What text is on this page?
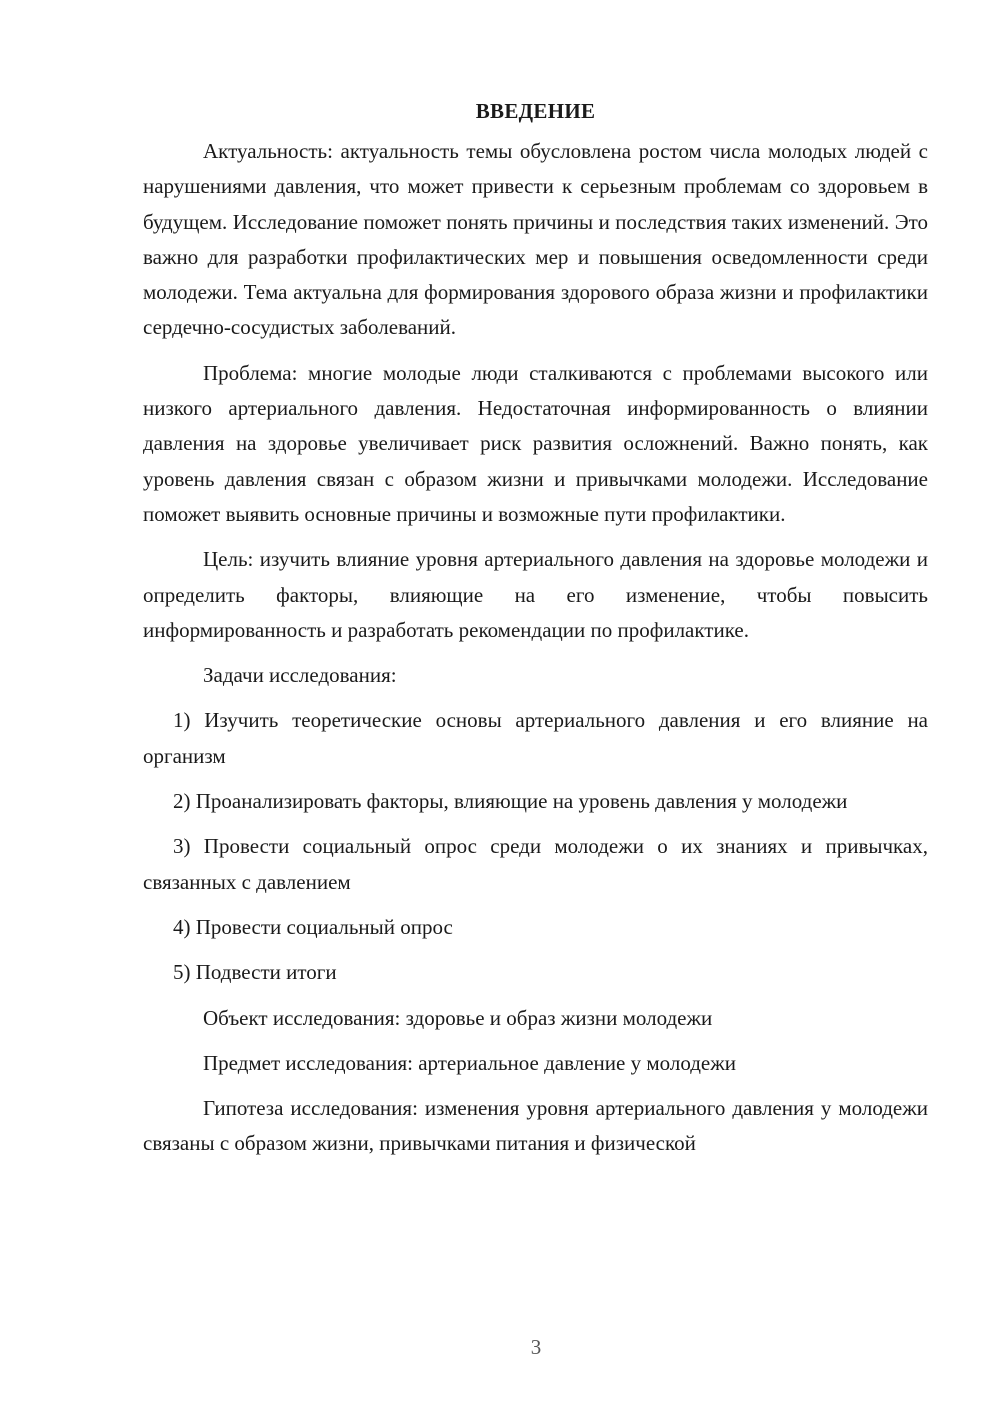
ВВЕДЕНИЕ

Актуальность: актуальность темы обусловлена ростом числа молодых людей с нарушениями давления, что может привести к серьезным проблемам со здоровьем в будущем. Исследование поможет понять причины и последствия таких изменений. Это важно для разработки профилактических мер и повышения осведомленности среди молодежи. Тема актуальна для формирования здорового образа жизни и профилактики сердечно-сосудистых заболеваний.

Проблема: многие молодые люди сталкиваются с проблемами высокого или низкого артериального давления. Недостаточная информированность о влиянии давления на здоровье увеличивает риск развития осложнений. Важно понять, как уровень давления связан с образом жизни и привычками молодежи. Исследование поможет выявить основные причины и возможные пути профилактики.

Цель: изучить влияние уровня артериального давления на здоровье молодежи и определить факторы, влияющие на его изменение, чтобы повысить информированность и разработать рекомендации по профилактике.

Задачи исследования:

1) Изучить теоретические основы артериального давления и его влияние на организм

2) Проанализировать факторы, влияющие на уровень давления у молодежи

3) Провести социальный опрос среди молодежи о их знаниях и привычках, связанных с давлением

4) Провести социальный опрос

5) Подвести итоги

Объект исследования: здоровье и образ жизни молодежи

Предмет исследования: артериальное давление у молодежи

Гипотеза исследования: изменения уровня артериального давления у молодежи связаны с образом жизни, привычками питания и физической

3
